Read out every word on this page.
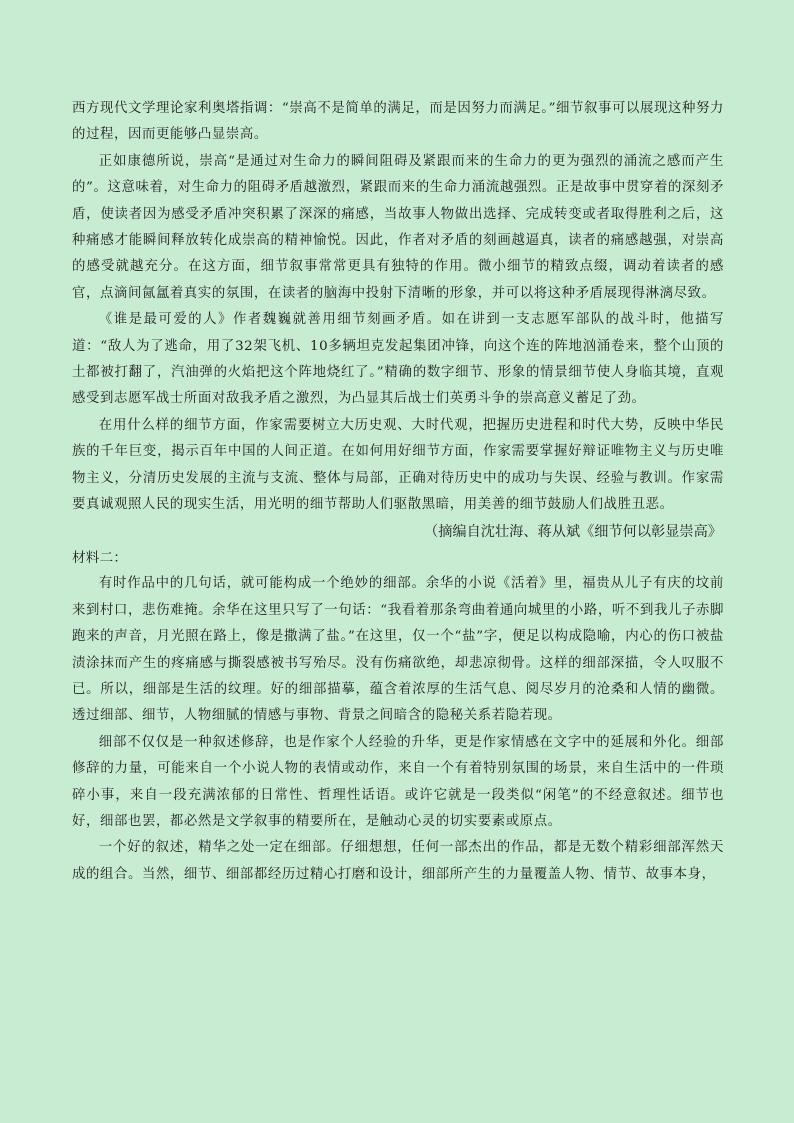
西方现代文学理论家利奥塔指调：“崇高不是简单的满足，而是因努力而满足。”细节叙事可以展现这种努力的过程，因而更能够凸显崇高。

正如康德所说，崇高“是通过对生命力的瞬间阻碍及紧跟而来的生命力的更为强烈的涌流之感而产生的”。这意味着，对生命力的阻碍矛盾越激烈，紧跟而来的生命力涌流越强烈。正是故事中贯穿着的深刻矛盾，使读者因为感受矛盾冲突积累了深深的痛感，当故事人物做出选择、完成转变或者取得胜利之后，这种痛感才能瞬间释放转化成崇高的精神愉悦。因此，作者对矛盾的刻画越逼真，读者的痛感越强，对崇高的感受就越充分。在这方面，细节叙事常常更具有独特的作用。微小细节的精致点缀，调动着读者的感官，点滴间氤氲着真实的氛围，在读者的脑海中投射下清晰的形象，并可以将这种矛盾展现得淋漓尽致。

《谁是最可爱的人》作者魏巍就善用细节刻画矛盾。如在讲到一支志愿军部队的战斗时，他描写道：“敌人为了逃命，用了32架飞机、10多辆坦克发起集团冲锋，向这个连的阵地汹涌卷来，整个山顶的土都被打翻了，汽油弹的火焰把这个阵地烧红了。”精确的数字细节、形象的情景细节使人身临其境，直观感受到志愿军战士所面对敌我矛盾之激烈，为凸显其后战士们英勇斗争的崇高意义蓄足了劲。

在用什么样的细节方面，作家需要树立大历史观、大时代观，把握历史进程和时代大势，反映中华民族的千年巨变，揭示百年中国的人间正道。在如何用好细节方面，作家需要掌握好辩证唯物主义与历史唯物主义，分清历史发展的主流与支流、整体与局部，正确对待历史中的成功与失误、经验与教训。作家需要真诚观照人民的现实生活，用光明的细节帮助人们驱散黑暗，用美善的细节鼓励人们战胜丑恶。

（摘编自沈壮海、蒋从斌《细节何以彰显崇高》

材料二：

有时作品中的几句话，就可能构成一个绝妙的细部。余华的小说《活着》里，福贵从儿子有庆的坟前来到村口，悲伤难掩。余华在这里只写了一句话：“我看着那条弯曲着通向城里的小路，听不到我儿子赤脚跑来的声音，月光照在路上，像是撒满了盐。”在这里，仅一个“盐”字，便足以构成隐喻，内心的伤口被盐渍涂抹而产生的疼痛感与撕裂感被书写殆尽。没有伤痛欲绝，却悲凉彻骨。这样的细部深描，令人叹服不已。所以，细部是生活的纹理。好的细部描摹，蕴含着浓厚的生活气息、阅尽岁月的沧桑和人情的幽微。透过细部、细节，人物细腻的情感与事物、背景之间暗含的隐秘关系若隐若现。

细部不仅仅是一种叙述修辞，也是作家个人经验的升华，更是作家情感在文字中的延展和外化。细部修辞的力量，可能来自一个小说人物的表情或动作，来自一个有着特别氛围的场景，来自生活中的一件琐碎小事，来自一段充满浓郁的日常性、哲理性话语。或许它就是一段类似“闲笔”的不经意叙述。细节也好，细部也罢，都必然是文学叙事的精要所在，是触动心灵的切实要素或原点。

一个好的叙述，精华之处一定在细部。仔细想想，任何一部杰出的作品，都是无数个精彩细部浑然天成的组合。当然，细节、细部都经历过精心打磨和设计，细部所产生的力量覆盖人物、情节、故事本身，
